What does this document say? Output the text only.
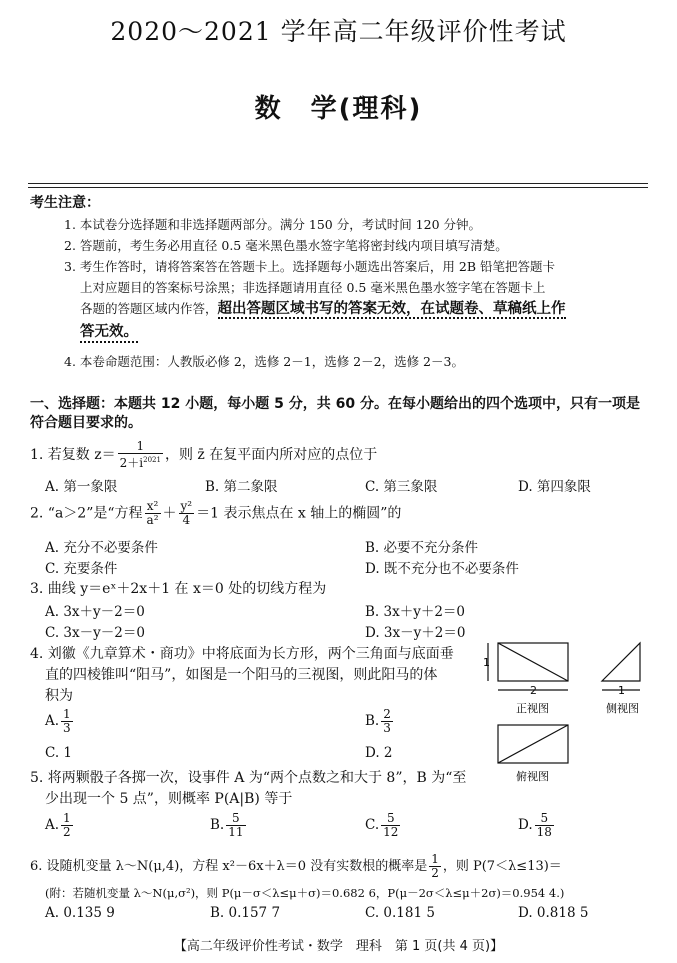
2020～2021 学年高二年级评价性考试
数　学(理科)
考生注意：
1. 本试卷分选择题和非选择题两部分。满分 150 分，考试时间 120 分钟。
2. 答题前，考生务必用直径 0.5 毫米黑色墨水签字笔将密封线内项目填写清楚。
3. 考生作答时，请将答案答在答题卡上。选择题每小题选出答案后，用 2B 铅笔把答题卡
上对应题目的答案标号涂黑；非选择题请用直径 0.5 毫米黑色墨水签字笔在答题卡上
各题的答题区域内作答，超出答题区域书写的答案无效，在试题卷、草稿纸上作
答无效。
4. 本卷命题范围：人教版必修 2，选修 2－1，选修 2－2，选修 2－3。
一、选择题：本题共 12 小题，每小题 5 分，共 60 分。在每小题给出的四个选项中，只有一项是符合题目要求的。
1. 若复数 $z= \frac{1}{2+i^{2021}}$ ，则 z̄ 在复平面内所对应的点位于
A. 第一象限	B. 第二象限	C. 第三象限	D. 第四象限
2. “a＞2”是“方程 $\frac{\text{x²}}{\text{a²}} + \frac{\text{y²}}{4} =1$ 表示焦点在 x 轴上的椭圆”的
A. 充分不必要条件	B. 必要不充分条件
C. 充要条件	D. 既不充分也不必要条件
3. 曲线 y＝eˣ＋2x＋1 在 x＝0 处的切线方程为
A. 3x＋y－2＝0	B. 3x＋y＋2＝0
C. 3x－y－2＝0	D. 3x－y＋2＝0
4. 刘徽《九章算术・商功》中将底面为长方形，两个三角面与底面垂
直的四棱锥叫“阳马”，如图是一个阳马的三视图，则此阳马的体
积为
A. $\frac{1}{3}$	B. $\frac{2}{3}$
C. 1	D. 2
1
2	1
正视图	侧视图
俯视图
5. 将两颗骰子各掷一次，设事件 A 为“两个点数之和大于 8”，B 为“至
少出现一个 5 点”，则概率 P(A|B) 等于
A. $\frac{1}{2}$	B. $\frac{5}{11}$	C. $\frac{5}{12}$	D. $\frac{5}{18}$
6. 设随机变量 λ～N(μ,4)，方程 x²－6x＋λ＝0 没有实数根的概率是 $\frac{1}{2}$ ，则 P(7＜λ≤13)＝
(附：若随机变量 λ～N(μ,σ²)，则 P(μ－σ＜λ≤μ＋σ)＝0.682 6，P(μ－2σ＜λ≤μ＋2σ)＝0.954 4.)
A. 0.135 9	B. 0.157 7	C. 0.181 5	D. 0.818 5
【高二年级评价性考试・数学　理科　第 1 页(共 4 页)】
